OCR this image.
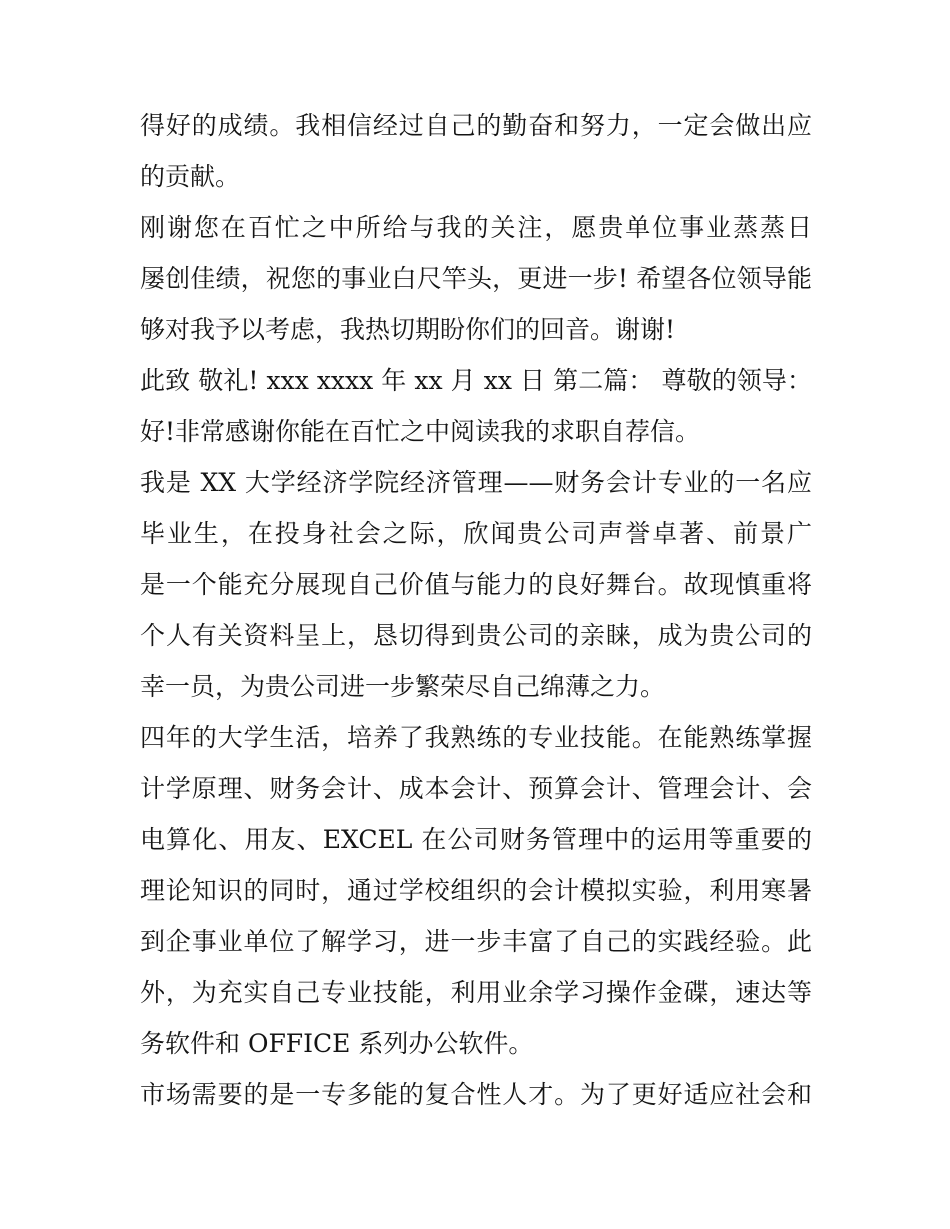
得好的成绩。我相信经过自己的勤奋和努力，一定会做出应
的贡献。
刚谢您在百忙之中所给与我的关注，愿贵单位事业蒸蒸日
屡创佳绩，祝您的事业白尺竿头，更进一步! 希望各位领导能
够对我予以考虑，我热切期盼你们的回音。谢谢!
此致 敬礼! xxx xxxx 年 xx 月 xx 日 第二篇： 尊敬的领导：
好!非常感谢你能在百忙之中阅读我的求职自荐信。
我是 XX 大学经济学院经济管理——财务会计专业的一名应
毕业生，在投身社会之际，欣闻贵公司声誉卓著、前景广
是一个能充分展现自己价值与能力的良好舞台。故现慎重将
个人有关资料呈上，恳切得到贵公司的亲睐，成为贵公司的
幸一员，为贵公司进一步繁荣尽自己绵薄之力。
四年的大学生活，培养了我熟练的专业技能。在能熟练掌握
计学原理、财务会计、成本会计、预算会计、管理会计、会
电算化、用友、EXCEL 在公司财务管理中的运用等重要的
理论知识的同时，通过学校组织的会计模拟实验，利用寒暑
到企事业单位了解学习，进一步丰富了自己的实践经验。此
外，为充实自己专业技能，利用业余学习操作金碟，速达等
务软件和 OFFICE 系列办公软件。
市场需要的是一专多能的复合性人才。为了更好适应社会和
